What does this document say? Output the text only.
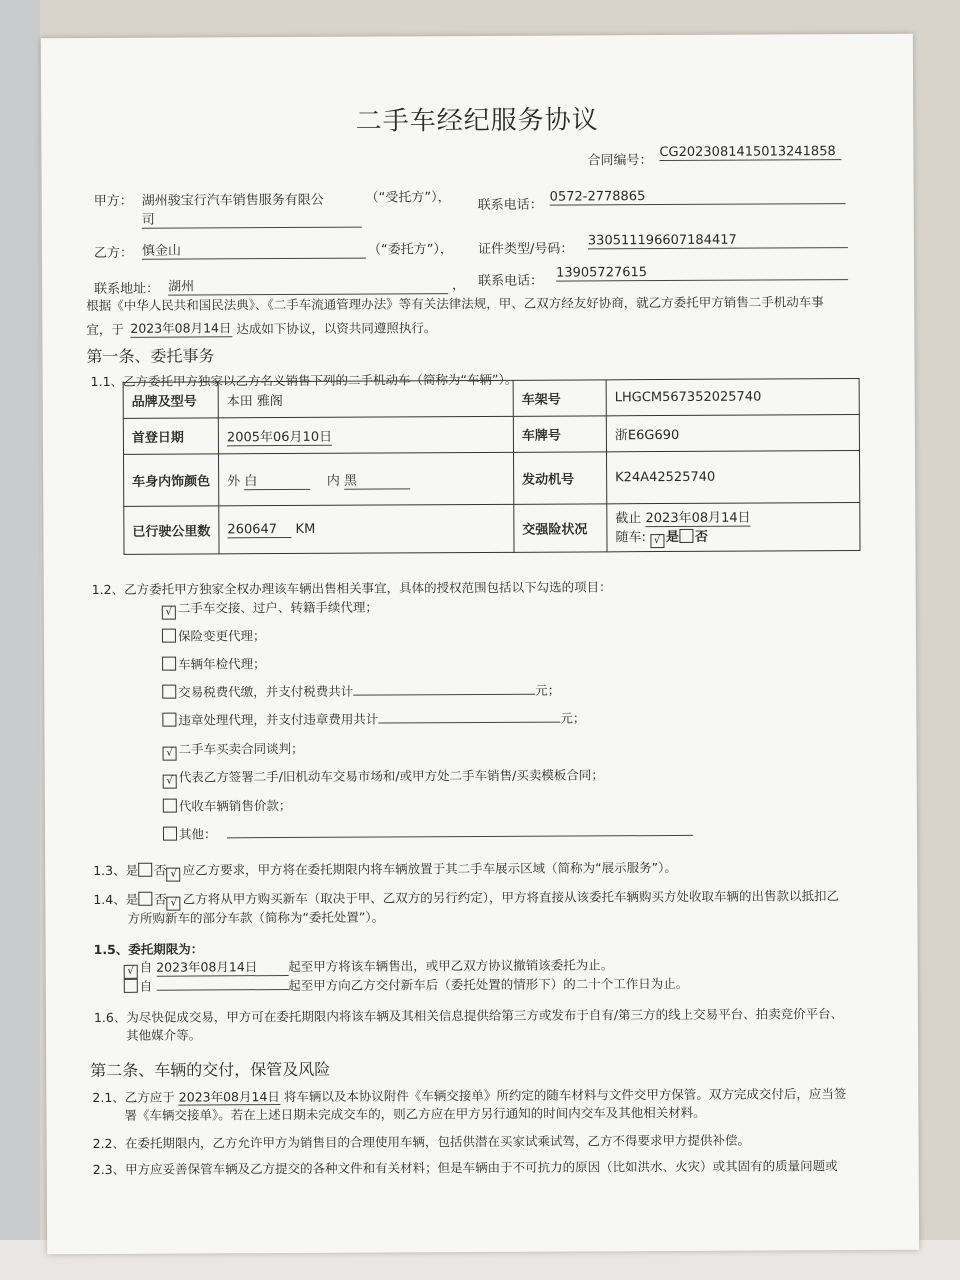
二手车经纪服务协议
合同编号：
CG2023081415013241858
甲方： 湖州骏宝行汽车销售服务有限公
司
（“受托方”）， 联系电话：
0572-2778865
乙方： 慎金山	（“委托方”）， 证件类型/号码：
330511196607184417
联系地址： 湖州	， 联系电话：
13905727615
根据《中华人民共和国民法典》、《二手车流通管理办法》等有关法律法规，甲、乙双方经友好协商，就乙方委托甲方销售二手机动车事
宜，于 2023年08月14日 达成如下协议，以资共同遵照执行。
第一条、委托事务
1.1、乙方委托甲方独家以乙方名义销售下列的二手机动车（简称为“车辆”）。
品牌及型号	本田 雅阁	车架号	LHGCM567352025740
首登日期	2005年06月10日	车牌号	浙E6G690
车身内饰颜色	外 白 内 黑	发动机号	K24A42525740
已行驶公里数	260647 KM	交强险状况	截止 2023年08月14日
随车: √ 是 否
1.2、乙方委托甲方独家全权办理该车辆出售相关事宜，具体的授权范围包括以下勾选的项目：
√ 二手车交接、过户、转籍手续代理；
保险变更代理；
车辆年检代理；
交易税费代缴，并支付税费共计	元；
违章处理代理，并支付违章费用共计	元；
√ 二手车买卖合同谈判；
√ 代表乙方签署二手/旧机动车交易市场和/或甲方处二手车销售/买卖模板合同；
代收车辆销售价款；
其他：
1.3、是 否 √ 应乙方要求，甲方将在委托期限内将车辆放置于其二手车展示区域（简称为“展示服务”）。
1.4、是 否 √ 乙方将从甲方购买新车（取决于甲、乙双方的另行约定），甲方将直接从该委托车辆购买方处收取车辆的出售款以抵扣乙
方所购新车的部分车款（简称为“委托处置”）。
1.5、委托期限为：
√ 自 2023年08月14日 起至甲方将该车辆售出，或甲乙双方协议撤销该委托为止。
自	起至甲方向乙方交付新车后（委托处置的情形下）的二十个工作日为止。
1.6、为尽快促成交易，甲方可在委托期限内将该车辆及其相关信息提供给第三方或发布于自有/第三方的线上交易平台、拍卖竞价平台、
其他媒介等。
第二条、车辆的交付，保管及风险
2.1、乙方应于 2023年08月14日 将车辆以及本协议附件《车辆交接单》所约定的随车材料与文件交甲方保管。双方完成交付后，应当签
署《车辆交接单》。若在上述日期未完成交车的，则乙方应在甲方另行通知的时间内交车及其他相关材料。
2.2、在委托期限内，乙方允许甲方为销售目的合理使用车辆，包括供潜在买家试乘试驾，乙方不得要求甲方提供补偿。
2.3、甲方应妥善保管车辆及乙方提交的各种文件和有关材料；但是车辆由于不可抗力的原因（比如洪水、火灾）或其固有的质量问题或
